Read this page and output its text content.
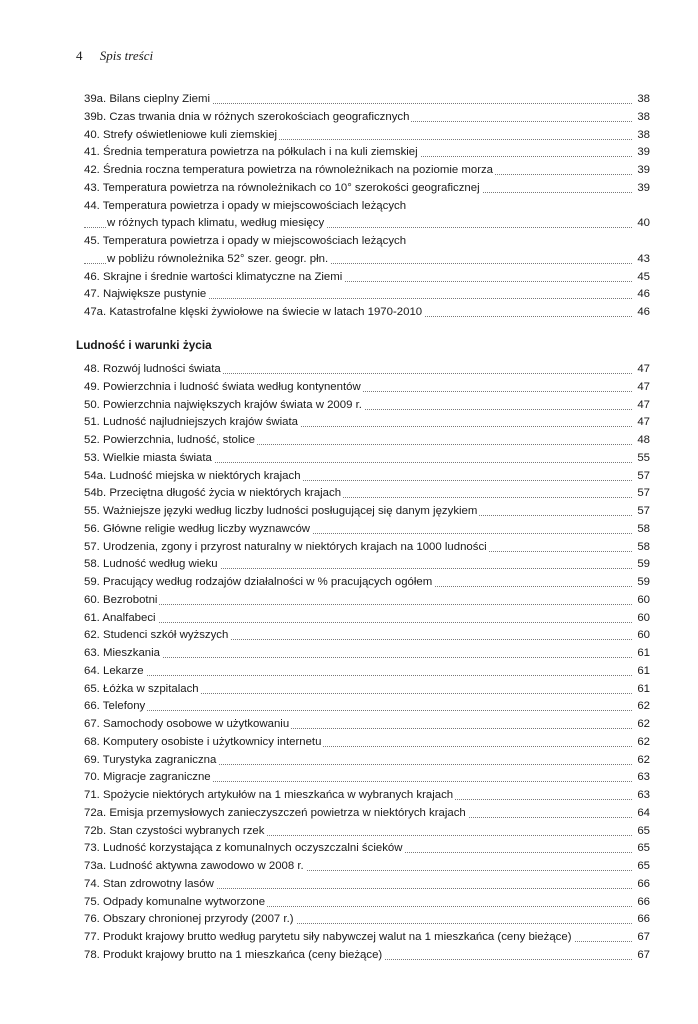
4 Spis treści
Ludność i warunki życia
39a. Bilans cieplny Ziemi	38
39b. Czas trwania dnia w różnych szerokościach geograficznych	38
40. Strefy oświetleniowe kuli ziemskiej	38
41. Średnia temperatura powietrza na półkulach i na kuli ziemskiej	39
42. Średnia roczna temperatura powietrza na równoleżnikach na poziomie morza	39
43. Temperatura powietrza na równoleżnikach co 10° szerokości geograficznej	39
44. Temperatura powietrza i opady w miejscowościach leżących
w różnych typach klimatu, według miesięcy	40
45. Temperatura powietrza i opady w miejscowościach leżących
w pobliżu równoleżnika 52° szer. geogr. płn.	43
46. Skrajne i średnie wartości klimatyczne na Ziemi	45
47. Największe pustynie	46
47a. Katastrofalne klęski żywiołowe na świecie w latach 1970-2010	46
48. Rozwój ludności świata	47
49. Powierzchnia i ludność świata według kontynentów	47
50. Powierzchnia największych krajów świata w 2009 r.	47
51. Ludność najludniejszych krajów świata	47
52. Powierzchnia, ludność, stolice	48
53. Wielkie miasta świata	55
54a. Ludność miejska w niektórych krajach	57
54b. Przeciętna długość życia w niektórych krajach	57
55. Ważniejsze języki według liczby ludności posługującej się danym językiem	57
56. Główne religie według liczby wyznawców	58
57. Urodzenia, zgony i przyrost naturalny w niektórych krajach na 1000 ludności	58
58. Ludność według wieku	59
59. Pracujący według rodzajów działalności w % pracujących ogółem	59
60. Bezrobotni	60
61. Analfabeci	60
62. Studenci szkół wyższych	60
63. Mieszkania	61
64. Lekarze	61
65. Łóżka w szpitalach	61
66. Telefony	62
67. Samochody osobowe w użytkowaniu	62
68. Komputery osobiste i użytkownicy internetu	62
69. Turystyka zagraniczna	62
70. Migracje zagraniczne	63
71. Spożycie niektórych artykułów na 1 mieszkańca w wybranych krajach	63
72a. Emisja przemysłowych zanieczyszczeń powietrza w niektórych krajach	64
72b. Stan czystości wybranych rzek	65
73. Ludność korzystająca z komunalnych oczyszczalni ścieków	65
73a. Ludność aktywna zawodowo w 2008 r.	65
74. Stan zdrowotny lasów	66
75. Odpady komunalne wytworzone	66
76. Obszary chronionej przyrody (2007 r.)	66
77. Produkt krajowy brutto według parytetu siły nabywczej walut na 1 mieszkańca (ceny bieżące)	67
78. Produkt krajowy brutto na 1 mieszkańca (ceny bieżące)	67
